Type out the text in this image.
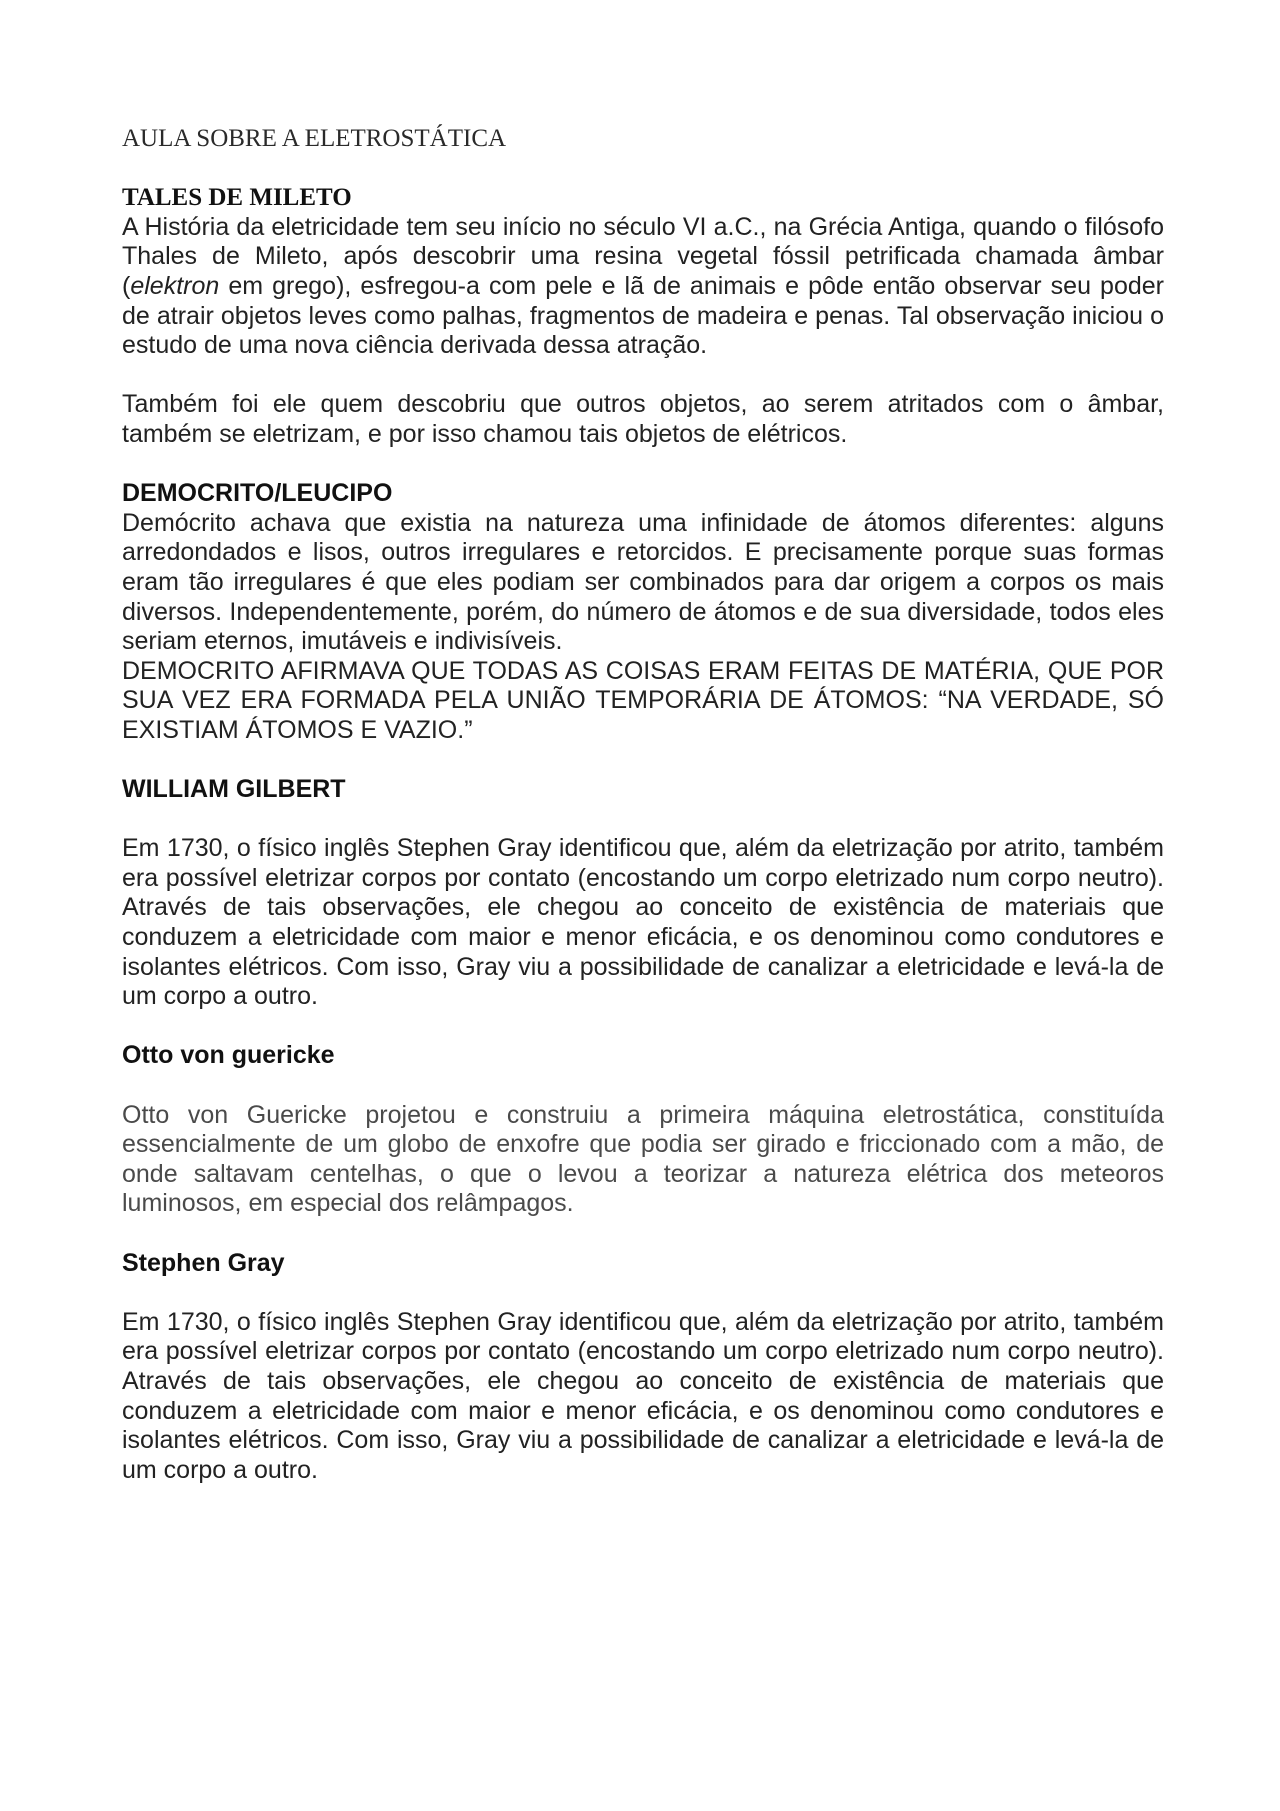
AULA SOBRE A ELETROSTÁTICA
TALES DE MILETO

A História da eletricidade tem seu início no século VI a.C., na Grécia Antiga, quando o filósofo Thales de Mileto, após descobrir uma resina vegetal fóssil petrificada chamada âmbar (elektron em grego), esfregou-a com pele e lã de animais e pôde então observar seu poder de atrair objetos leves como palhas, fragmentos de madeira e penas. Tal observação iniciou o estudo de uma nova ciência derivada dessa atração.

Também foi ele quem descobriu que outros objetos, ao serem atritados com o âmbar, também se eletrizam, e por isso chamou tais objetos de elétricos.

DEMOCRITO/LEUCIPO

Demócrito achava que existia na natureza uma infinidade de átomos diferentes: alguns arredondados e lisos, outros irregulares e retorcidos. E precisamente porque suas formas eram tão irregulares é que eles podiam ser combinados para dar origem a corpos os mais diversos. Independentemente, porém, do número de átomos e de sua diversidade, todos eles seriam eternos, imutáveis e indivisíveis.

DEMOCRITO AFIRMAVA QUE TODAS AS COISAS ERAM FEITAS DE MATÉRIA, QUE POR SUA VEZ ERA FORMADA PELA UNIÃO TEMPORÁRIA DE ÁTOMOS: “NA VERDADE, SÓ EXISTIAM ÁTOMOS E VAZIO.”

WILLIAM GILBERT

Em 1730, o físico inglês Stephen Gray identificou que, além da eletrização por atrito, também era possível eletrizar corpos por contato (encostando um corpo eletrizado num corpo neutro). Através de tais observações, ele chegou ao conceito de existência de materiais que conduzem a eletricidade com maior e menor eficácia, e os denominou como condutores e isolantes elétricos. Com isso, Gray viu a possibilidade de canalizar a eletricidade e levá-la de um corpo a outro.

Otto von guericke

Otto von Guericke projetou e construiu a primeira máquina eletrostática, constituída essencialmente de um globo de enxofre que podia ser girado e friccionado com a mão, de onde saltavam centelhas, o que o levou a teorizar a natureza elétrica dos meteoros luminosos, em especial dos relâmpagos.

Stephen Gray

Em 1730, o físico inglês Stephen Gray identificou que, além da eletrização por atrito, também era possível eletrizar corpos por contato (encostando um corpo eletrizado num corpo neutro). Através de tais observações, ele chegou ao conceito de existência de materiais que conduzem a eletricidade com maior e menor eficácia, e os denominou como condutores e isolantes elétricos. Com isso, Gray viu a possibilidade de canalizar a eletricidade e levá-la de um corpo a outro.
